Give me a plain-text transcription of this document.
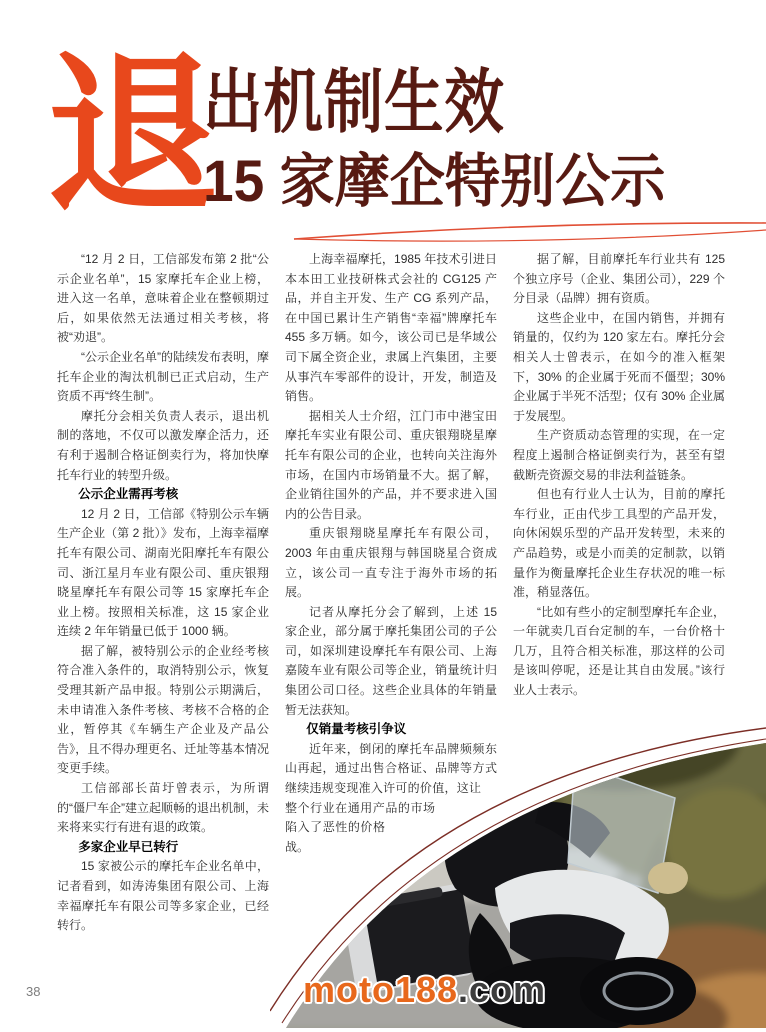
退
出机制生效
15 家摩企特别公示

“12 月 2 日，工信部发布第 2 批“公示企业名单”，15 家摩托车企业上榜，进入这一名单，意味着企业在整顿期过后，如果依然无法通过相关考核，将被“劝退”。

“公示企业名单”的陆续发布表明，摩托车企业的淘汰机制已正式启动，生产资质不再“终生制”。

摩托分会相关负责人表示，退出机制的落地，不仅可以激发摩企活力，还有利于遏制合格证倒卖行为，将加快摩托车行业的转型升级。

公示企业需再考核

12 月 2 日，工信部《特别公示车辆生产企业（第 2 批）》发布，上海幸福摩托车有限公司、湖南光阳摩托车有限公司、浙江星月车业有限公司、重庆银翔晓星摩托车有限公司等 15 家摩托车企业上榜。按照相关标准，这 15 家企业连续 2 年年销量已低于 1000 辆。

据了解，被特别公示的企业经考核符合准入条件的，取消特别公示，恢复受理其新产品申报。特别公示期满后，未申请准入条件考核、考核不合格的企业，暂停其《车辆生产企业及产品公告》，且不得办理更名、迁址等基本情况变更手续。

工信部部长苗圩曾表示，为所谓的“僵尸车企”建立起顺畅的退出机制，未来将来实行有进有退的政策。

多家企业早已转行

15 家被公示的摩托车企业名单中，记者看到，如涛涛集团有限公司、上海幸福摩托车有限公司等多家企业，已经转行。

上海幸福摩托，1985 年技术引进日本本田工业技研株式会社的 CG125 产品，并自主开发、生产 CG 系列产品，在中国已累计生产销售“幸福”牌摩托车 455 多万辆。如今，该公司已是华域公司下属全资企业，隶属上汽集团，主要从事汽车零部件的设计，开发，制造及销售。

据相关人士介绍，江门市中港宝田摩托车实业有限公司、重庆银翔晓星摩托车有限公司的企业，也转向关注海外市场，在国内市场销量不大。据了解，企业销往国外的产品，并不要求进入国内的公告目录。

重庆银翔晓星摩托车有限公司，2003 年由重庆银翔与韩国晓星合资成立，该公司一直专注于海外市场的拓展。

记者从摩托分会了解到，上述 15 家企业，部分属于摩托集团公司的子公司，如深圳建设摩托车有限公司、上海嘉陵车业有限公司等企业，销量统计归集团公司口径。这些企业具体的年销量暂无法获知。

仅销量考核引争议

近年来，倒闭的摩托车品牌频频东山再起，通过出售合格证、品牌等方式继续违规变现准入许可的价值，这让整个行业在通用产品的市场陷入了恶性的价格战。

据了解，目前摩托车行业共有 125 个独立序号（企业、集团公司），229 个分目录（品牌）拥有资质。

这些企业中，在国内销售，并拥有销量的，仅约为 120 家左右。摩托分会相关人士曾表示，在如今的准入框架下，30% 的企业属于死而不僵型；30% 企业属于半死不活型；仅有 30% 企业属于发展型。

生产资质动态管理的实现，在一定程度上遏制合格证倒卖行为，甚至有望截断壳资源交易的非法利益链条。

但也有行业人士认为，目前的摩托车行业，正由代步工具型的产品开发，向休闲娱乐型的产品开发转型，未来的产品趋势，或是小而美的定制款，以销量作为衡量摩托企业生存状况的唯一标准，稍显落伍。

“比如有些小的定制型摩托车企业，一年就卖几百台定制的车，一台价格十几万，且符合相关标准，那这样的公司是该叫停呢，还是让其自由发展。”该行业人士表示。

moto188.com
38
